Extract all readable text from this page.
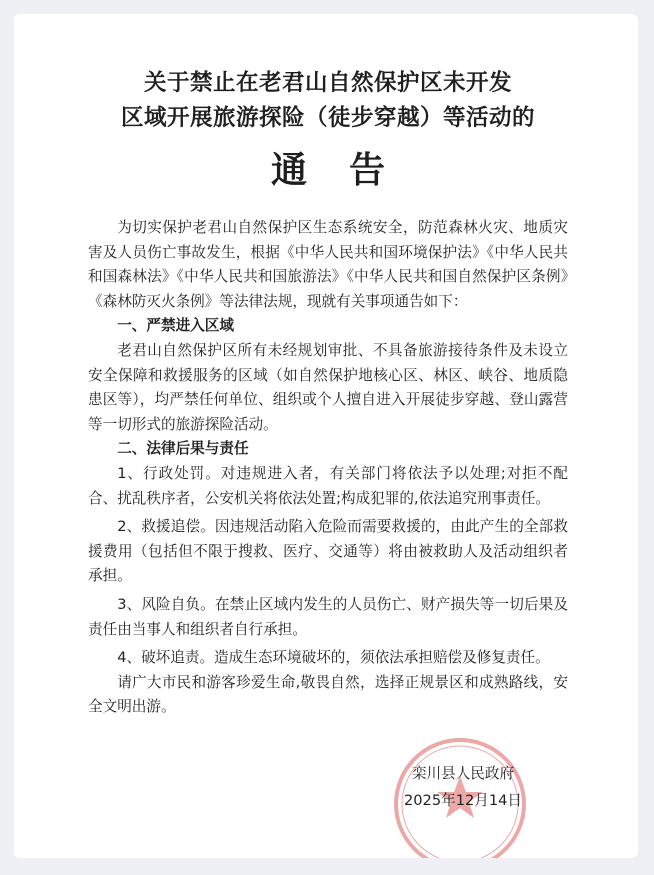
关于禁止在老君山自然保护区未开发
区域开展旅游探险（徒步穿越）等活动的
通告

为切实保护老君山自然保护区生态系统安全，防范森林火灾、地质灾害及人员伤亡事故发生，根据《中华人民共和国环境保护法》《中华人民共和国森林法》《中华人民共和国旅游法》《中华人民共和国自然保护区条例》《森林防灭火条例》等法律法规，现就有关事项通告如下：

一、严禁进入区域

老君山自然保护区所有未经规划审批、不具备旅游接待条件及未设立安全保障和救援服务的区域（如自然保护地核心区、林区、峡谷、地质隐患区等），均严禁任何单位、组织或个人擅自进入开展徒步穿越、登山露营等一切形式的旅游探险活动。

二、法律后果与责任

1、行政处罚。对违规进入者，有关部门将依法予以处理;对拒不配合、扰乱秩序者，公安机关将依法处置;构成犯罪的,依法追究刑事责任。

2、救援追偿。因违规活动陷入危险而需要救援的，由此产生的全部救援费用（包括但不限于搜救、医疗、交通等）将由被救助人及活动组织者承担。

3、风险自负。在禁止区域内发生的人员伤亡、财产损失等一切后果及责任由当事人和组织者自行承担。

4、破坏追责。造成生态环境破坏的，须依法承担赔偿及修复责任。

请广大市民和游客珍爱生命,敬畏自然，选择正规景区和成熟路线，安全文明出游。

栾川县人民政府
2025年12月14日
